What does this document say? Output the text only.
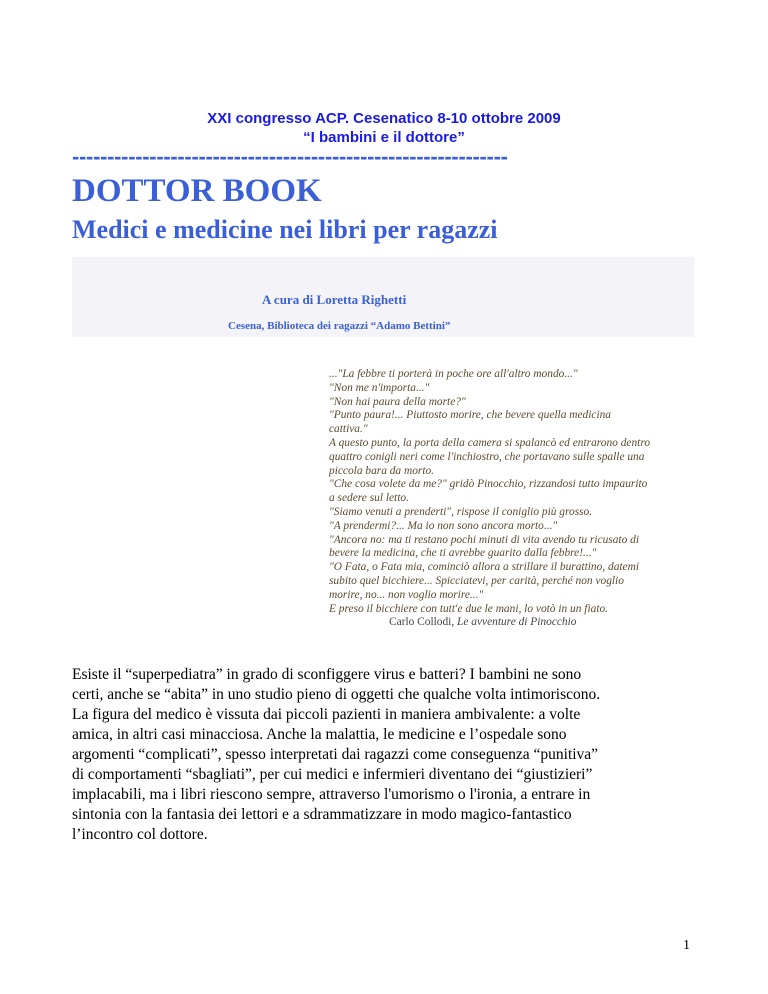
XXI congresso ACP. Cesenatico 8-10 ottobre 2009
“I bambini e il dottore”
--------------------------------------------------------------
DOTTOR BOOK
Medici e medicine nei libri per ragazzi
A cura di Loretta Righetti
Cesena, Biblioteca dei ragazzi “Adamo Bettini”
..."La febbre ti porterà in poche ore all'altro mondo..."
"Non me n'importa..."
"Non hai paura della morte?"
"Punto paura!... Piuttosto morire, che bevere quella medicina
cattiva."
A questo punto, la porta della camera si spalancò ed entrarono dentro
quattro conigli neri come l'inchiostro, che portavano sulle spalle una
piccola bara da morto.
"Che cosa volete da me?" gridò Pinocchio, rizzandosi tutto impaurito
a sedere sul letto.
"Siamo venuti a prenderti", rispose il coniglio più grosso.
"A prendermi?... Ma io non sono ancora morto..."
"Ancora no: ma ti restano pochi minuti di vita avendo tu ricusato di
bevere la medicina, che ti avrebbe guarito dalla febbre!..."
"O Fata, o Fata mia, cominciò allora a strillare il burattino, datemi
subito quel bicchiere... Spicciatevi, per carità, perché non voglio
morire, no... non voglio morire..."
E preso il bicchiere con tutt'e due le mani, lo votò in un fiato.
Carlo Collodi, Le avventure di Pinocchio
Esiste il “superpediatra” in grado di sconfiggere virus e batteri? I bambini ne sono
certi, anche se “abita” in uno studio pieno di oggetti che qualche volta intimoriscono.
La figura del medico è vissuta dai piccoli pazienti in maniera ambivalente: a volte
amica, in altri casi minacciosa. Anche la malattia, le medicine e l’ospedale sono
argomenti “complicati”, spesso interpretati dai ragazzi come conseguenza “punitiva”
di comportamenti “sbagliati”, per cui medici e infermieri diventano dei “giustizieri”
implacabili, ma i libri riescono sempre, attraverso l'umorismo o l'ironia, a entrare in
sintonia con la fantasia dei lettori e a sdrammatizzare in modo magico-fantastico
l’incontro col dottore.
1
